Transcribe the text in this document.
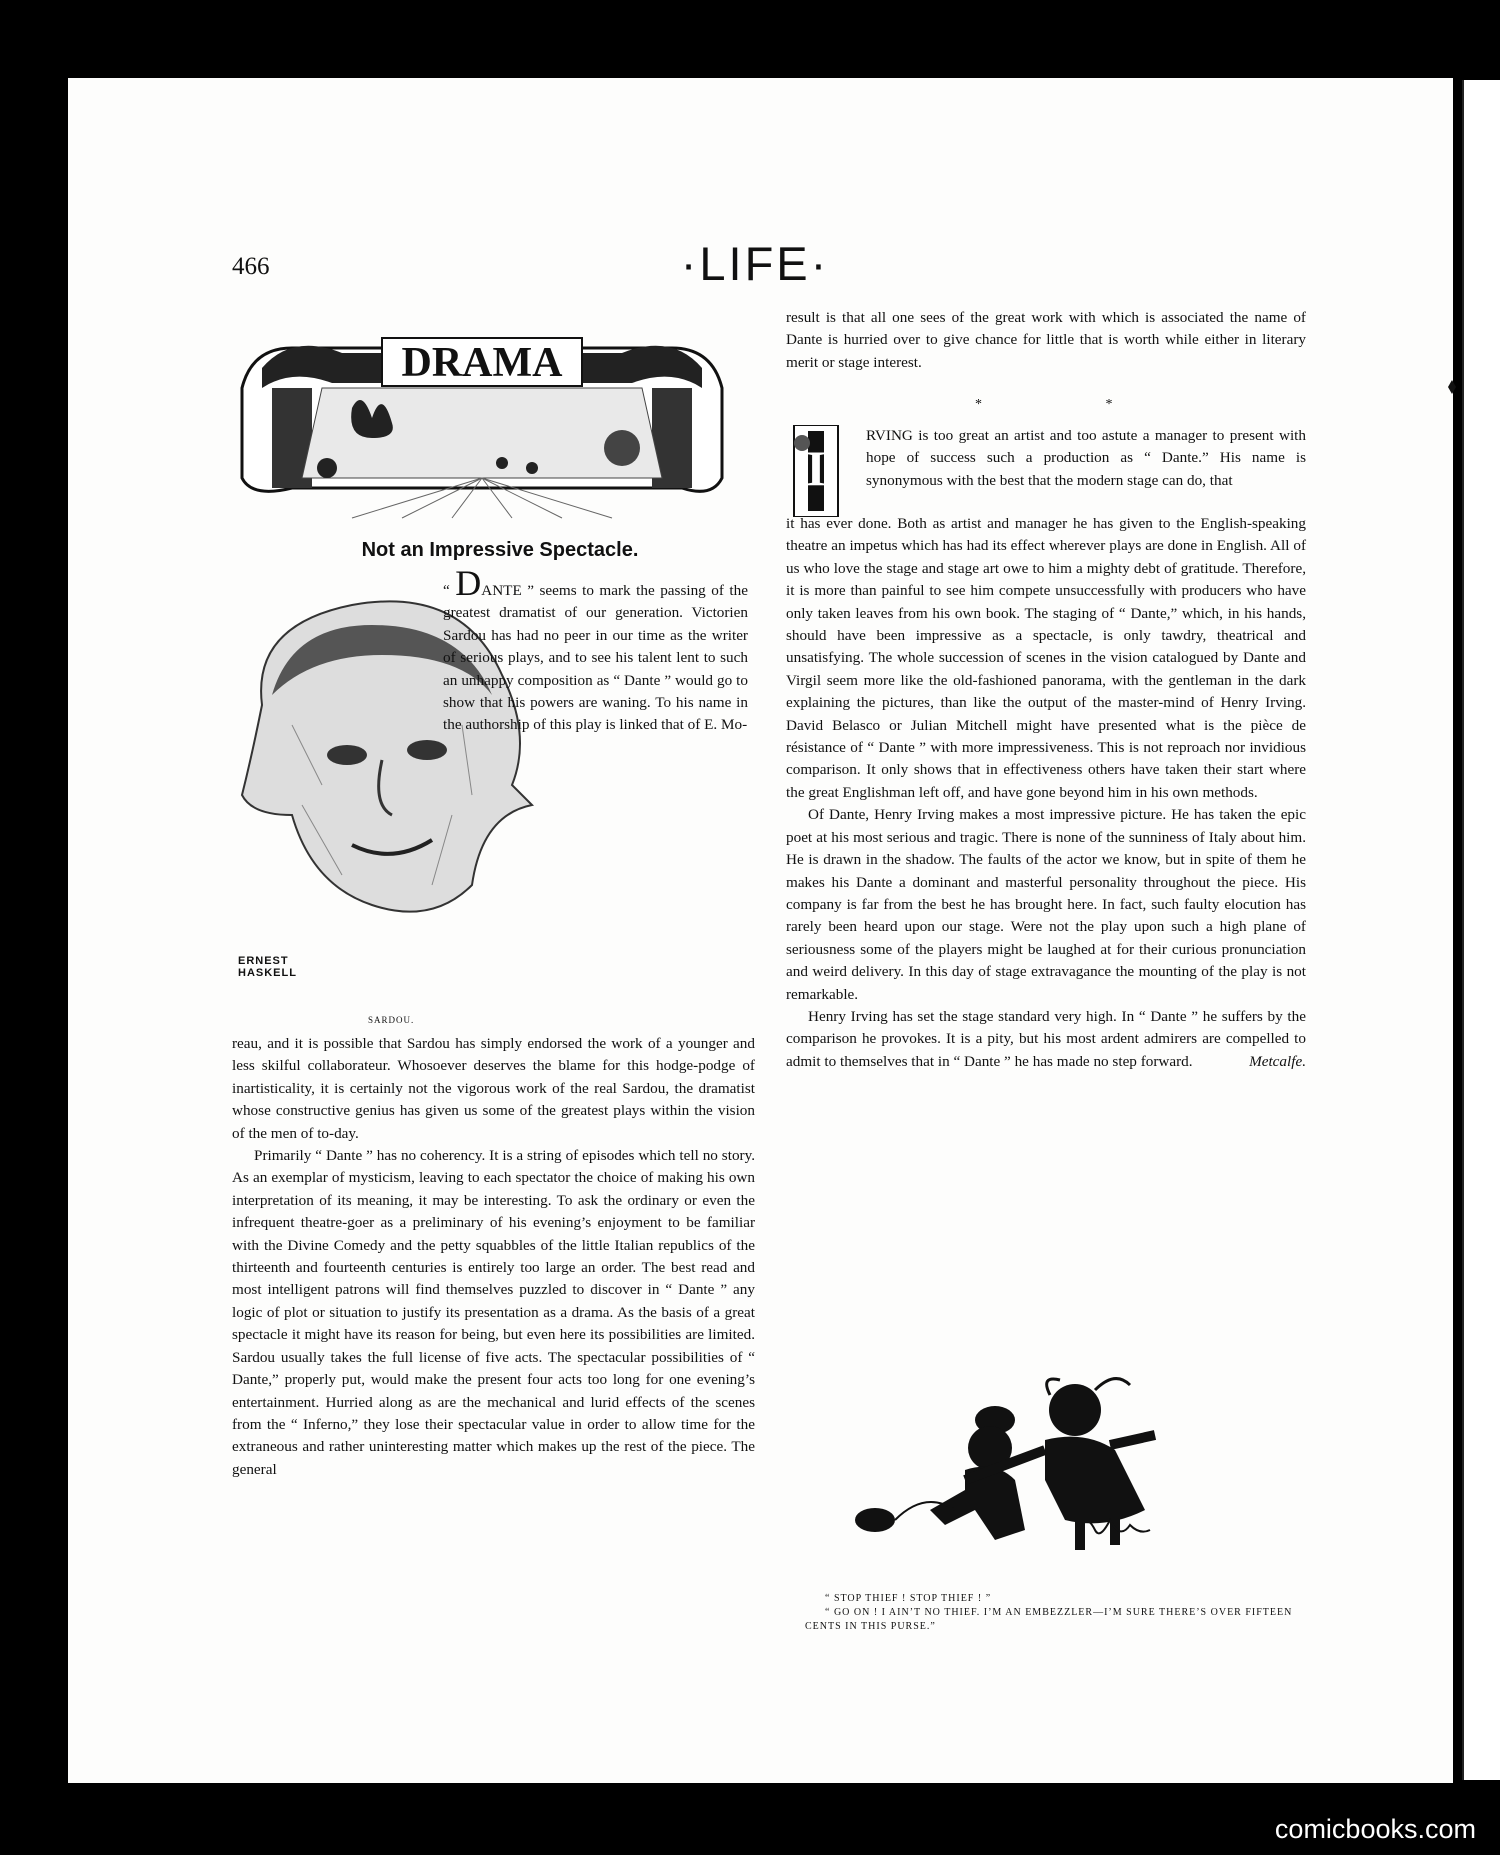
466	·LIFE·
DRAMA
Not an Impressive Spectacle.
ERNEST HASKELL
SARDOU.
“ DANTE ” seems to mark the passing of the greatest dramatist of our generation. Victorien Sardou has had no peer in our time as the writer of serious plays, and to see his talent lent to such an unhappy composition as “ Dante ” would go to show that his powers are waning. To his name in the authorship of this play is linked that of E. Mo-

reau, and it is possible that Sardou has simply endorsed the work of a younger and less skilful collaborateur. Whosoever deserves the blame for this hodge-podge of inartisticality, it is certainly not the vigorous work of the real Sardou, the dramatist whose constructive genius has given us some of the greatest plays within the vision of the men of to-day.

Primarily “ Dante ” has no coherency. It is a string of episodes which tell no story. As an exemplar of mysticism, leaving to each spectator the choice of making his own interpretation of its meaning, it may be interesting. To ask the ordinary or even the infrequent theatre-goer as a preliminary of his evening’s enjoyment to be familiar with the Divine Comedy and the petty squabbles of the little Italian republics of the thirteenth and fourteenth centuries is entirely too large an order. The best read and most intelligent patrons will find themselves puzzled to discover in “ Dante ” any logic of plot or situation to justify its presentation as a drama. As the basis of a great spectacle it might have its reason for being, but even here its possibilities are limited. Sardou usually takes the full license of five acts. The spectacular possibilities of “ Dante,” properly put, would make the present four acts too long for one evening’s entertainment. Hurried along as are the mechanical and lurid effects of the scenes from the “ Inferno,” they lose their spectacular value in order to allow time for the extraneous and rather uninteresting matter which makes up the rest of the piece. The general

result is that all one sees of the great work with which is associated the name of Dante is hurried over to give chance for little that is worth while either in literary merit or stage interest.

* *
I
RVING is too great an artist and too astute a manager to present with hope of success such a production as “ Dante.” His name is synonymous with the best that the modern stage can do, that

it has ever done. Both as artist and manager he has given to the English-speaking theatre an impetus which has had its effect wherever plays are done in English. All of us who love the stage and stage art owe to him a mighty debt of gratitude. Therefore, it is more than painful to see him compete unsuccessfully with producers who have only taken leaves from his own book. The staging of “ Dante,” which, in his hands, should have been impressive as a spectacle, is only tawdry, theatrical and unsatisfying. The whole succession of scenes in the vision catalogued by Dante and Virgil seem more like the old-fashioned panorama, with the gentleman in the dark explaining the pictures, than like the output of the master-mind of Henry Irving. David Belasco or Julian Mitchell might have presented what is the pièce de résistance of “ Dante ” with more impressiveness. This is not reproach nor invidious comparison. It only shows that in effectiveness others have taken their start where the great Englishman left off, and have gone beyond him in his own methods.

Of Dante, Henry Irving makes a most impressive picture. He has taken the epic poet at his most serious and tragic. There is none of the sunniness of Italy about him. He is drawn in the shadow. The faults of the actor we know, but in spite of them he makes his Dante a dominant and masterful personality throughout the piece. His company is far from the best he has brought here. In fact, such faulty elocution has rarely been heard upon our stage. Were not the play upon such a high plane of seriousness some of the players might be laughed at for their curious pronunciation and weird delivery. In this day of stage extravagance the mounting of the play is not remarkable.

Henry Irving has set the stage standard very high. In “ Dante ” he suffers by the comparison he provokes. It is a pity, but his most ardent admirers are compelled to admit to themselves that in “ Dante ” he has made no step forward.	Metcalfe.

“ STOP THIEF ! STOP THIEF ! ”
“ GO ON ! I AIN’T NO THIEF. I’M AN EMBEZZLER—I’M SURE THERE’S OVER FIFTEEN CENTS IN THIS PURSE.”
comicbooks.com
